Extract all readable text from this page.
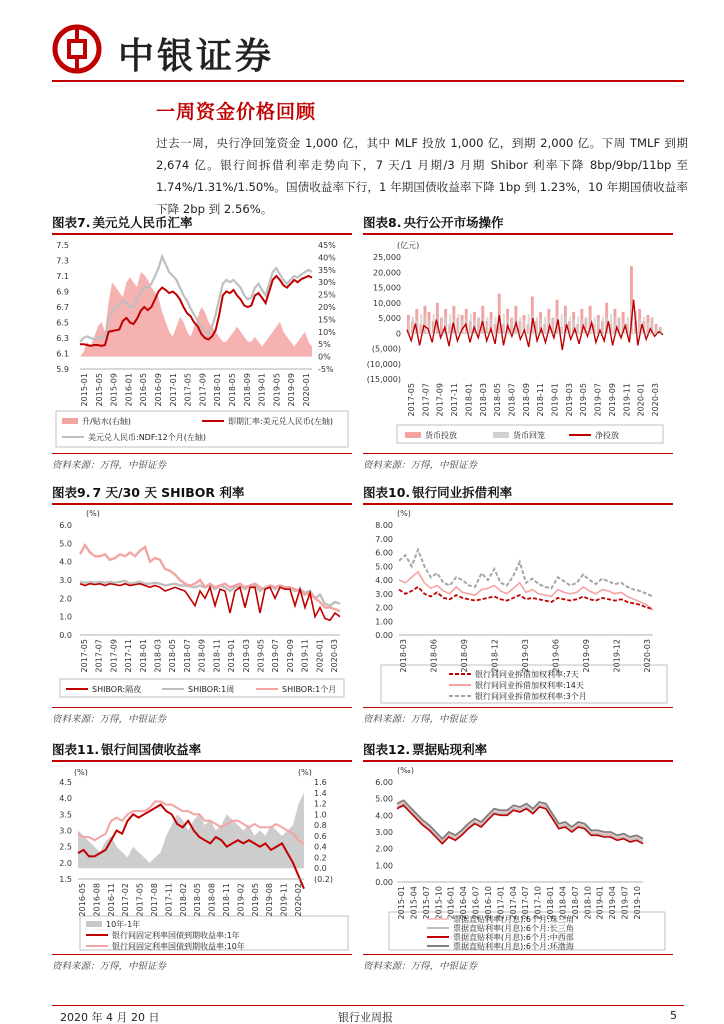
中银证券
一周资金价格回顾
过去一周，央行净回笼资金 1,000 亿，其中 MLF 投放 1,000 亿，到期 2,000 亿。下周 TMLF 到期 2,674 亿。银行间拆借利率走势向下，7 天/1 月期/3 月期 Shibor 利率下降 8bp/9bp/11bp 至 1.74%/1.31%/1.50%。国债收益率下行，1 年期国债收益率下降 1bp 到 1.23%，10 年期国债收益率下降 2bp 到 2.56%。
图表7. 美元兑人民币汇率
7.5
7.3
7.1
6.9
6.7
6.5
6.3
6.1
5.9
45%
40%
35%
30%
25%
20%
15%
10%
5%
0%
-5%
2015-01 2015-05 2015-09 2016-01 2016-05 2016-09 2017-01 2017-05 2017-09 2018-01 2018-05 2018-09 2019-01 2019-05 2019-09 2020-01
升/贴水(右轴)	即期汇率:美元兑人民币(左轴)
美元兑人民币:NDF:12个月(左轴)
资料来源：万得，中银证券
图表8. 央行公开市场操作
(亿元)
25,000
20,000
15,000
10,000
5,000
0
(5,000)
(10,000)
(15,000)
2017-05 2017-07 2017-09 2017-11 2018-01 2018-03 2018-05 2018-07 2018-09 2018-11 2019-01 2019-03 2019-05 2019-07 2019-09 2019-11 2020-01 2020-03
货币投放	货币回笼	净投放
资料来源：万得，中银证券
图表9. 7 天/30 天 SHIBOR 利率
(%)
6.0
5.0
4.0
3.0
2.0
1.0
0.0
2017-05 2017-07 2017-09 2017-11 2018-01 2018-03 2018-05 2018-07 2018-09 2018-11 2019-01 2019-03 2019-05 2019-07 2019-09 2019-11 2020-01 2020-03
SHIBOR:隔夜	SHIBOR:1周	SHIBOR:1个月
资料来源：万得，中银证券
图表10. 银行同业拆借利率
(%)
8.00
7.00
6.00
5.00
4.00
3.00
2.00
1.00
0.00
2018-03	2018-06	2018-09	2018-12	2019-03	2019-06	2019-09	2019-12	2020-03
银行间同业拆借加权利率:7天
银行间同业拆借加权利率:14天
银行间同业拆借加权利率:3个月
资料来源：万得，中银证券
图表11. 银行间国债收益率
(%)	(%)
4.5
4.0
3.5
3.0
2.5
2.0
1.5
1.6
1.4
1.2
1.0
0.8
0.6
0.4
0.2
0.0
(0.2)
2016-05 2016-08 2016-11 2017-02 2017-05 2017-08 2017-11 2018-02 2018-05 2018-08 2018-11 2019-02 2019-05 2019-08 2019-11 2020-02
10年-1年
银行间固定利率国债到期收益率:1年
银行间固定利率国债到期收益率:10年
资料来源：万得，中银证券
图表12. 票据贴现利率
(‰)
6.00
5.00
4.00
3.00
2.00
1.00
0.00
2015-01 2015-04 2015-07 2015-10 2016-01 2016-04 2016-07 2016-10 2017-01 2017-04 2017-07 2017-10 2018-01 2018-04 2018-07 2018-10 2019-01 2019-04 2019-07 2019-10
票据直贴利率(月息):6个月:珠三角
票据直贴利率(月息):6个月:长三角
票据直贴利率(月息):6个月:中西部
票据直贴利率(月息):6个月:环渤海
资料来源：万得，中银证券
2020 年 4 月 20 日	银行业周报	5
